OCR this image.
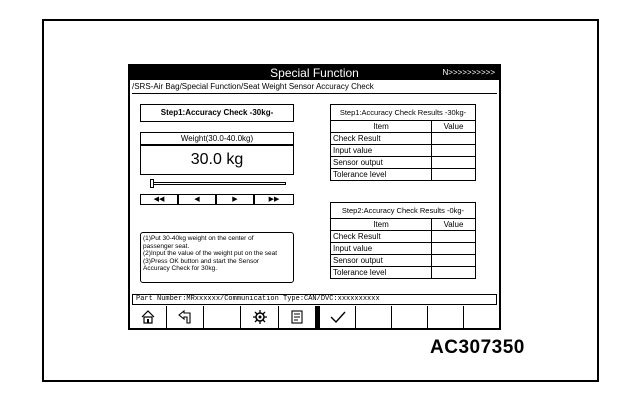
Special Function	N>>>>>>>>>>
/SRS-Air Bag/Special Function/Seat Weight Sensor Accuracy Check
Step1:Accuracy Check -30kg-
Weight(30.0-40.0kg)
30.0 kg
◀◀	◀	▶	▶▶
(1)Put 30-40kg weight on the center of
passenger seat.
(2)Input the value of the weight put on the seat
(3)Press OK button and start the Sensor
Accuracy Check for 30kg.
Step1:Accuracy Check Results -30kg-	
Item	Value
Check Result	
Input value	
Sensor output	
Tolerance level	
Step2:Accuracy Check Results -0kg-	
Item	Value
Check Result	
Input value	
Sensor output	
Tolerance level	
Part Number:MRxxxxxx/Communication Type:CAN/DVC:xxxxxxxxxx
AC307350
